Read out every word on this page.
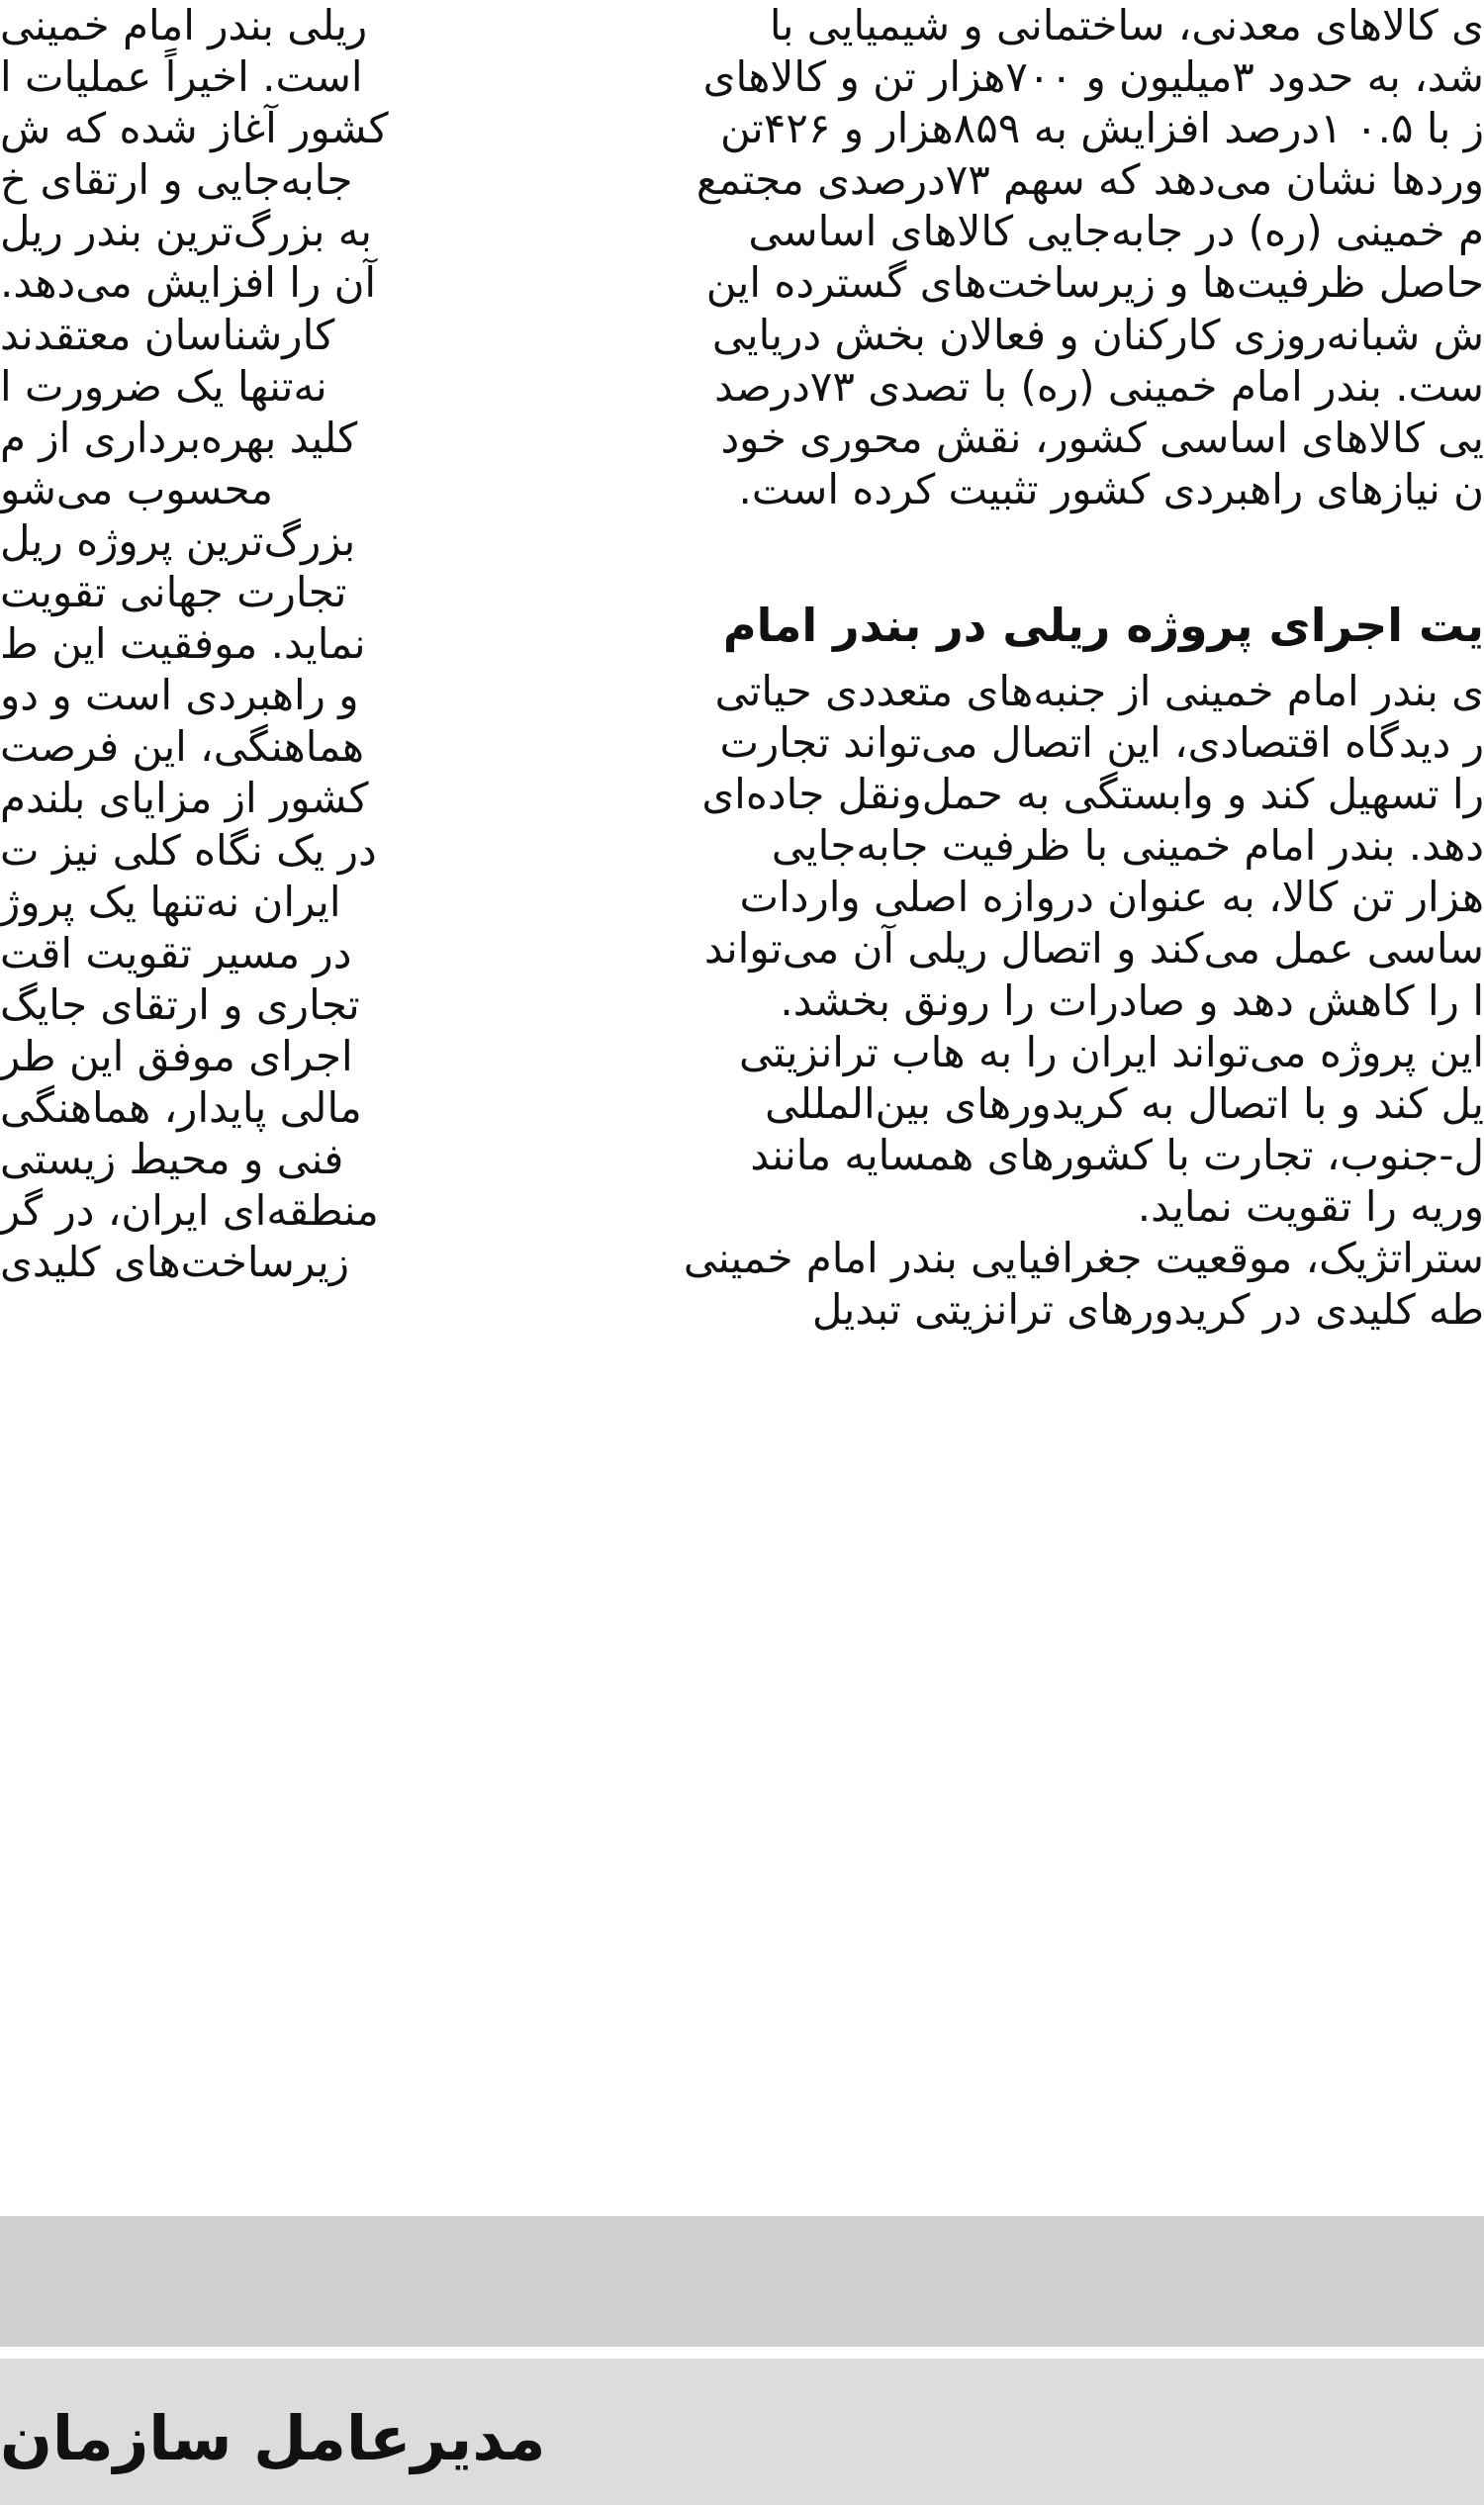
ی کالاهای معدنی، ساختمانی و شیمیایی با
شد، به حدود ۳میلیون و ۷۰۰هزار تن و کالاهای
ز با ۰.۵ ۱درصد افزایش به ۸۵۹هزار و ۴۲۶تن
وردها نشان می‌دهد که سهم ۷۳درصدی مجتمع
م خمینی (ره) در جابه‌جایی کالاهای اساسی
حاصل ظرفیت‌ها و زیرساخت‌های گسترده این
ش شبانه‌روزی کارکنان و فعالان بخش دریایی
ست. بندر امام خمینی (ره) با تصدی ۷۳درصد
یی کالاهای اساسی کشور، نقش محوری خود
ن نیازهای راهبردی کشور تثبیت کرده است.
یت اجرای پروژه ریلی در بندر امام
ی بندر امام خمینی از جنبه‌های متعددی حیاتی
ر دیدگاه اقتصادی، این اتصال می‌تواند تجارت
را تسهیل کند و وابستگی به حمل‌ونقل جاده‌ای
دهد. بندر امام خمینی با ظرفیت جابه‌جایی
هزار تن کالا، به عنوان دروازه اصلی واردات
ساسی عمل می‌کند و اتصال ریلی آن می‌تواند
ا را کاهش دهد و صادرات را رونق بخشد.
این پروژه می‌تواند ایران را به هاب ترانزیتی
یل کند و با اتصال به کریدورهای بین‌المللی
ل-جنوب، تجارت با کشورهای همسایه مانند
وریه را تقویت نماید.
ستراتژیک، موقعیت جغرافیایی بندر امام خمینی
طه کلیدی در کریدورهای ترانزیتی تبدیل
ریلی بندر امام خمینی
است. اخیراً عملیات ا
کشور آغاز شده که ش
جابه‌جایی و ارتقای خ
به بزرگ‌ترین بندر ریل
آن را افزایش می‌دهد.
کارشناسان معتقدند
نه‌تنها یک ضرورت ا
کلید بهره‌برداری از م
محسوب می‌شو
بزرگ‌ترین پروژه ریل
تجارت جهانی تقویت
نماید. موفقیت این ط
و راهبردی است و دو
هماهنگی، این فرصت
کشور از مزایای بلندم
در یک نگاه کلی نیز ت
ایران نه‌تنها یک پروژ
در مسیر تقویت اقت
تجاری و ارتقای جایگ
اجرای موفق این طر
مالی پایدار، هماهنگی
فنی و محیط زیستی
منطقه‌ای ایران، در گر
زیرساخت‌های کلیدی
مدیرعامل سازمان
